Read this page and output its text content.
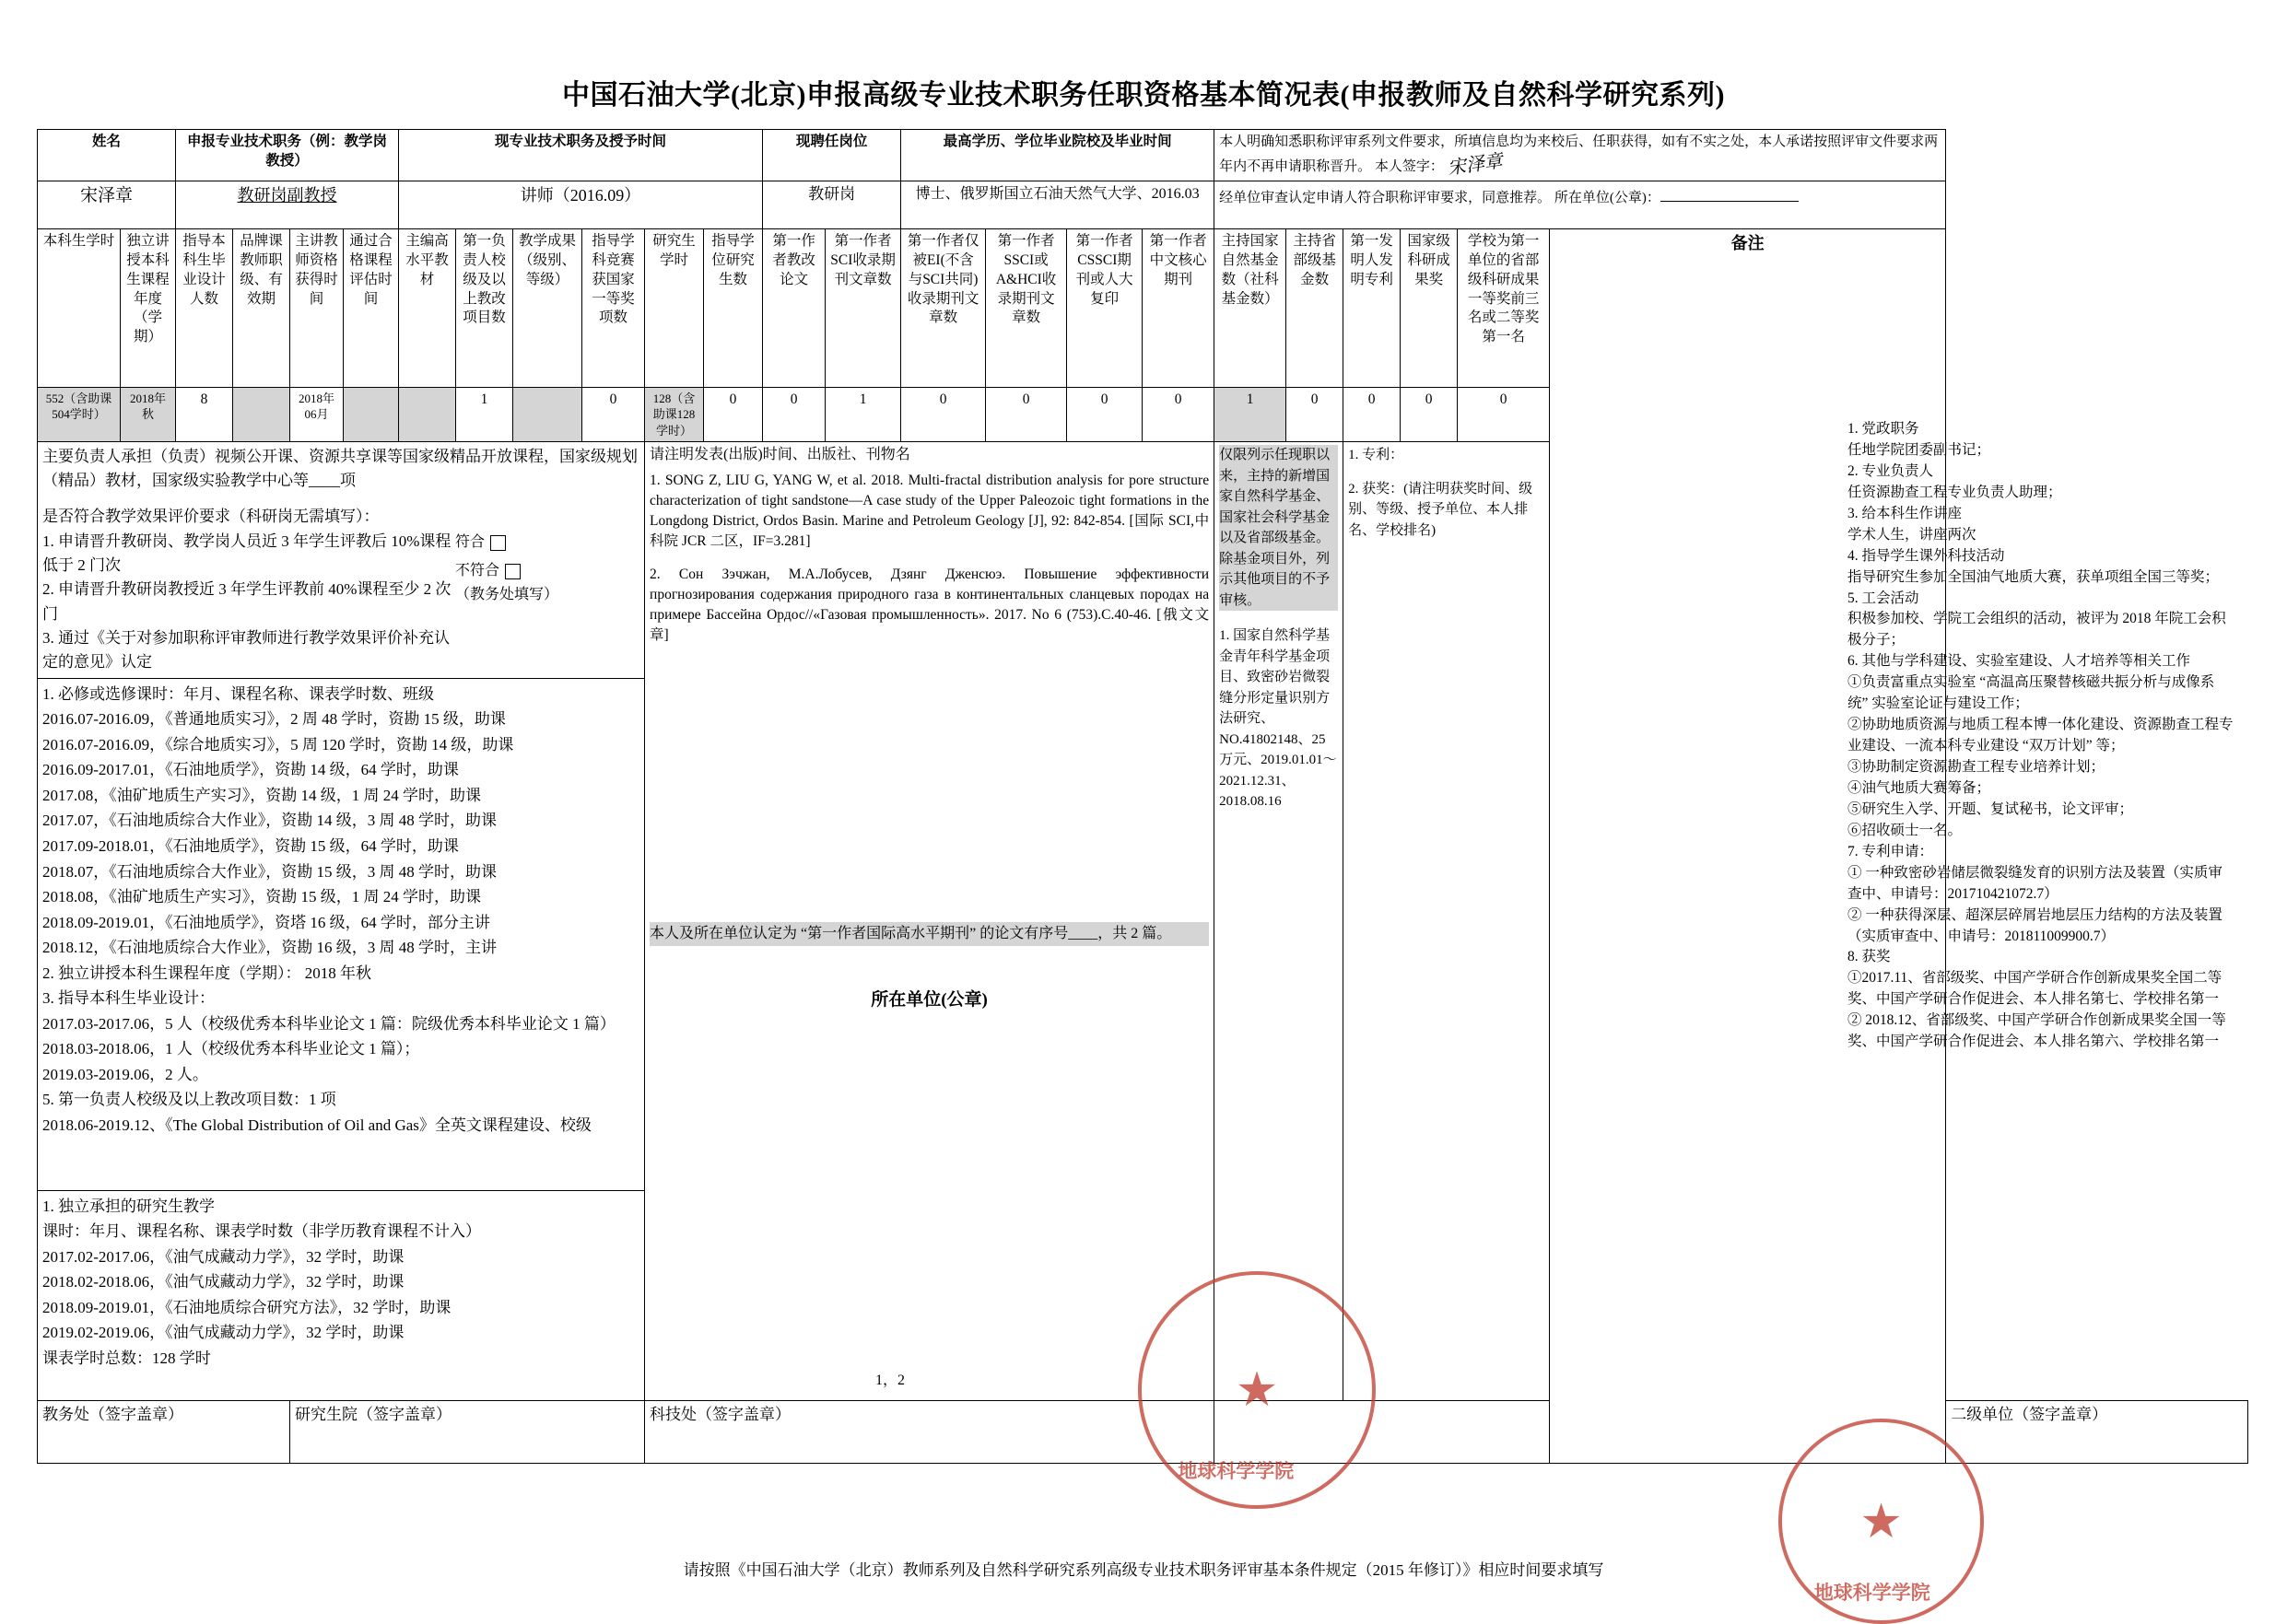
中国石油大学(北京)申报高级专业技术职务任职资格基本简况表(申报教师及自然科学研究系列)
姓名		申报专业技术职务（例：教学岗教授）				现专业技术职务及授予时间						现聘任岗位		最高学历、学位毕业院校及毕业时间				本人明确知悉职称评审系列文件要求，所填信息均为来校后、任职获得，如有不实之处，本人承诺按照评审文件要求两年内不再申请职称晋升。 本人签字： 宋泽章						
宋泽章		教研岗副教授				讲师（2016.09）						教研岗		博士、俄罗斯国立石油天然气大学、2016.03				经单位审查认定申请人符合职称评审要求，同意推荐。 所在单位(公章)：						
本科生学时	独立讲授本科生课程年度（学期）	指导本科生毕业设计人数	品牌课教师职级、有效期	主讲教师资格获得时间	通过合格课程评估时间	主编高水平教材	第一负责人校级及以上教改项目数	教学成果（级别、等级）	指导学科竞赛获国家一等奖项数	研究生学时	指导学位研究生数	第一作者教改论文	第一作者SCI收录期刊文章数	第一作者仅被EI(不含与SCI共同)收录期刊文章数	第一作者SSCI或A&HCI收录期刊文章数	第一作者CSSCI期刊或人大复印	第一作者中文核心期刊	主持国家自然基金数（社科基金数）	主持省部级基金数	第一发明人发明专利	国家级科研成果奖	学校为第一单位的省部级科研成果一等奖前三名或二等奖第一名	备注	

552（含助课504学时）	2018年秋	8		2018年06月			1		0	128（含助课128学时）	0	0	1	0	0	0	0	1	0	0	0	0		

主要负责人承担（负责）视频公开课、资源共享课等国家级精品开放课程，国家级规划（精品）教材，国家级实验教学中心等____项
是否符合教学效果评价要求（科研岗无需填写）：
1. 申请晋升教研岗、教学岗人员近 3 年学生评教后 10%课程低于 2 门次
2. 申请晋升教研岗教授近 3 年学生评教前 40%课程至少 2 次门
3. 通过《关于对参加职称评审教师进行教学效果评价补充认定的意见》认定
符合
不符合
（教务处填写）

请注明发表(出版)时间、出版社、刊物名
1. SONG Z, LIU G, YANG W, et al. 2018. Multi-fractal distribution analysis for pore structure characterization of tight sandstone—A case study of the Upper Paleozoic tight formations in the Longdong District, Ordos Basin. Marine and Petroleum Geology [J], 92: 842-854. [国际 SCI,中科院 JCR 二区，IF=3.281]
2. Сон Зэчжан, М.А.Лобусев, Дзянг Дженсюэ. Повышение эффективности прогнозирования содержания природного газа в континентальных сланцевых породах на примере Бассейна Ордос//«Газовая промышленность». 2017. No 6 (753).С.40-46. [俄文文章]
本人及所在单位认定为 “第一作者国际高水平期刊” 的论文有序号____，共 2 篇。
1，2
所在单位(公章)

仅限列示任现职以来，主持的新增国家自然科学基金、国家社会科学基金以及省部级基金。除基金项目外，列示其他项目的不予审核。
1. 国家自然科学基金青年科学基金项目、致密砂岩微裂缝分形定量识别方法研究、NO.41802148、25 万元、2019.01.01～2021.12.31、2018.08.16

1. 专利：
2. 获奖：(请注明获奖时间、级别、等级、授予单位、本人排名、学校排名)

1. 必修或选修课时：年月、课程名称、课表学时数、班级
2016.07-2016.09，《普通地质实习》，2 周 48 学时，资勘 15 级，助课
2016.07-2016.09，《综合地质实习》，5 周 120 学时，资勘 14 级，助课
2016.09-2017.01，《石油地质学》，资勘 14 级，64 学时，助课
2017.08，《油矿地质生产实习》，资勘 14 级，1 周 24 学时，助课
2017.07，《石油地质综合大作业》，资勘 14 级，3 周 48 学时，助课
2017.09-2018.01，《石油地质学》，资勘 15 级，64 学时，助课
2018.07，《石油地质综合大作业》，资勘 15 级，3 周 48 学时，助课
2018.08，《油矿地质生产实习》，资勘 15 级，1 周 24 学时，助课
2018.09-2019.01，《石油地质学》，资塔 16 级，64 学时，部分主讲
2018.12，《石油地质综合大作业》，资勘 16 级，3 周 48 学时，主讲
2. 独立讲授本科生课程年度（学期）： 2018 年秋
3. 指导本科生毕业设计：
2017.03-2017.06，5 人（校级优秀本科毕业论文 1 篇：院级优秀本科毕业论文 1 篇）
2018.03-2018.06，1 人（校级优秀本科毕业论文 1 篇）；
2019.03-2019.06，2 人。
5. 第一负责人校级及以上教改项目数：1 项
2018.06-2019.12、《The Global Distribution of Oil and Gas》全英文课程建设、校级

1. 独立承担的研究生教学
课时：年月、课程名称、课表学时数（非学历教育课程不计入）
2017.02-2017.06，《油气成藏动力学》，32 学时，助课
2018.02-2018.06，《油气成藏动力学》，32 学时，助课
2018.09-2019.01，《石油地质综合研究方法》，32 学时，助课
2019.02-2019.06，《油气成藏动力学》，32 学时，助课
课表学时总数：128 学时

教务处（签字盖章）				研究生院（签字盖章）						科技处（签字盖章）														二级单位（签字盖章）
1. 党政职务
任地学院团委副书记；
2. 专业负责人
任资源勘查工程专业负责人助理；
3. 给本科生作讲座
学术人生，讲座两次
4. 指导学生课外科技活动
指导研究生参加全国油气地质大赛，获单项组全国三等奖；
5. 工会活动
积极参加校、学院工会组织的活动，被评为 2018 年院工会积极分子；
6. 其他与学科建设、实验室建设、人才培养等相关工作
①负责富重点实验室 “高温高压聚替核磁共振分析与成像系统” 实验室论证与建设工作；
②协助地质资源与地质工程本博一体化建设、资源勘查工程专业建设、一流本科专业建设 “双万计划” 等；
③协助制定资源勘查工程专业培养计划；
④油气地质大赛筹备；
⑤研究生入学、开题、复试秘书，论文评审；
⑥招收硕士一名。
7. 专利申请：
① 一种致密砂岩储层微裂缝发育的识别方法及装置（实质审查中、申请号：201710421072.7）
② 一种获得深层、超深层碎屑岩地层压力结构的方法及装置 （实质审查中、申请号：201811009900.7）
8. 获奖
①2017.11、省部级奖、中国产学研合作创新成果奖全国二等奖、中国产学研合作促进会、本人排名第七、学校排名第一
② 2018.12、省部级奖、中国产学研合作创新成果奖全国一等奖、中国产学研合作促进会、本人排名第六、学校排名第一
★
地球科学学院
★
地球科学学院
请按照《中国石油大学（北京）教师系列及自然科学研究系列高级专业技术职务评审基本条件规定（2015 年修订）》相应时间要求填写
